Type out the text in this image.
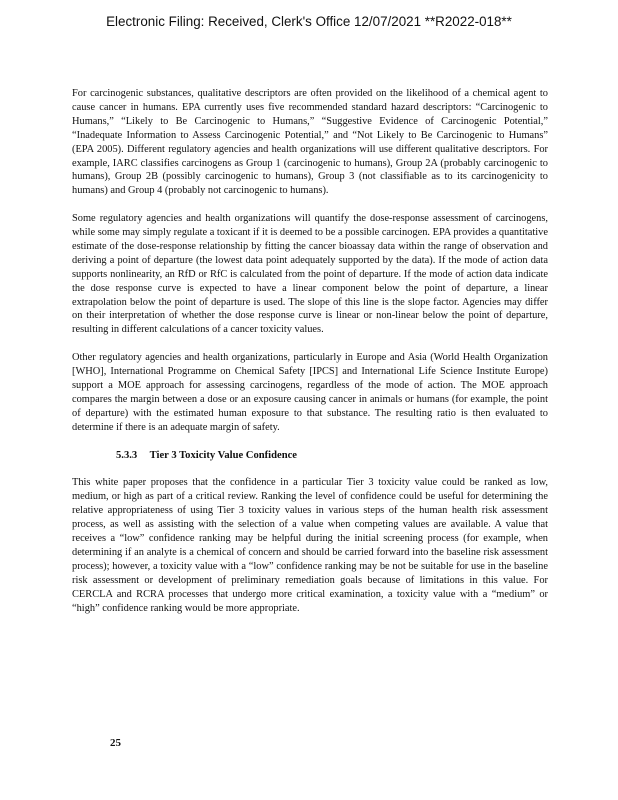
Electronic Filing: Received, Clerk's Office 12/07/2021 **R2022-018**

For carcinogenic substances, qualitative descriptors are often provided on the likelihood of a chemical agent to cause cancer in humans. EPA currently uses five recommended standard hazard descriptors: “Carcinogenic to Humans,” “Likely to Be Carcinogenic to Humans,” “Suggestive Evidence of Carcinogenic Potential,” “Inadequate Information to Assess Carcinogenic Potential,” and “Not Likely to Be Carcinogenic to Humans” (EPA 2005). Different regulatory agencies and health organizations will use different qualitative descriptors. For example, IARC classifies carcinogens as Group 1 (carcinogenic to humans), Group 2A (probably carcinogenic to humans), Group 2B (possibly carcinogenic to humans), Group 3 (not classifiable as to its carcinogenicity to humans) and Group 4 (probably not carcinogenic to humans).

Some regulatory agencies and health organizations will quantify the dose-response assessment of carcinogens, while some may simply regulate a toxicant if it is deemed to be a possible carcinogen. EPA provides a quantitative estimate of the dose-response relationship by fitting the cancer bioassay data within the range of observation and deriving a point of departure (the lowest data point adequately supported by the data). If the mode of action data supports nonlinearity, an RfD or RfC is calculated from the point of departure. If the mode of action data indicate the dose response curve is expected to have a linear component below the point of departure, a linear extrapolation below the point of departure is used. The slope of this line is the slope factor. Agencies may differ on their interpretation of whether the dose response curve is linear or non-linear below the point of departure, resulting in different calculations of a cancer toxicity values.

Other regulatory agencies and health organizations, particularly in Europe and Asia (World Health Organization [WHO], International Programme on Chemical Safety [IPCS] and International Life Science Institute Europe) support a MOE approach for assessing carcinogens, regardless of the mode of action. The MOE approach compares the margin between a dose or an exposure causing cancer in animals or humans (for example, the point of departure) with the estimated human exposure to that substance. The resulting ratio is then evaluated to determine if there is an adequate margin of safety.

5.3.3 Tier 3 Toxicity Value Confidence

This white paper proposes that the confidence in a particular Tier 3 toxicity value could be ranked as low, medium, or high as part of a critical review. Ranking the level of confidence could be useful for determining the relative appropriateness of using Tier 3 toxicity values in various steps of the human health risk assessment process, as well as assisting with the selection of a value when competing values are available. A value that receives a “low” confidence ranking may be helpful during the initial screening process (for example, when determining if an analyte is a chemical of concern and should be carried forward into the baseline risk assessment process); however, a toxicity value with a “low” confidence ranking may be not be suitable for use in the baseline risk assessment or development of preliminary remediation goals because of limitations in this value. For CERCLA and RCRA processes that undergo more critical examination, a toxicity value with a “medium” or “high” confidence ranking would be more appropriate.

25
